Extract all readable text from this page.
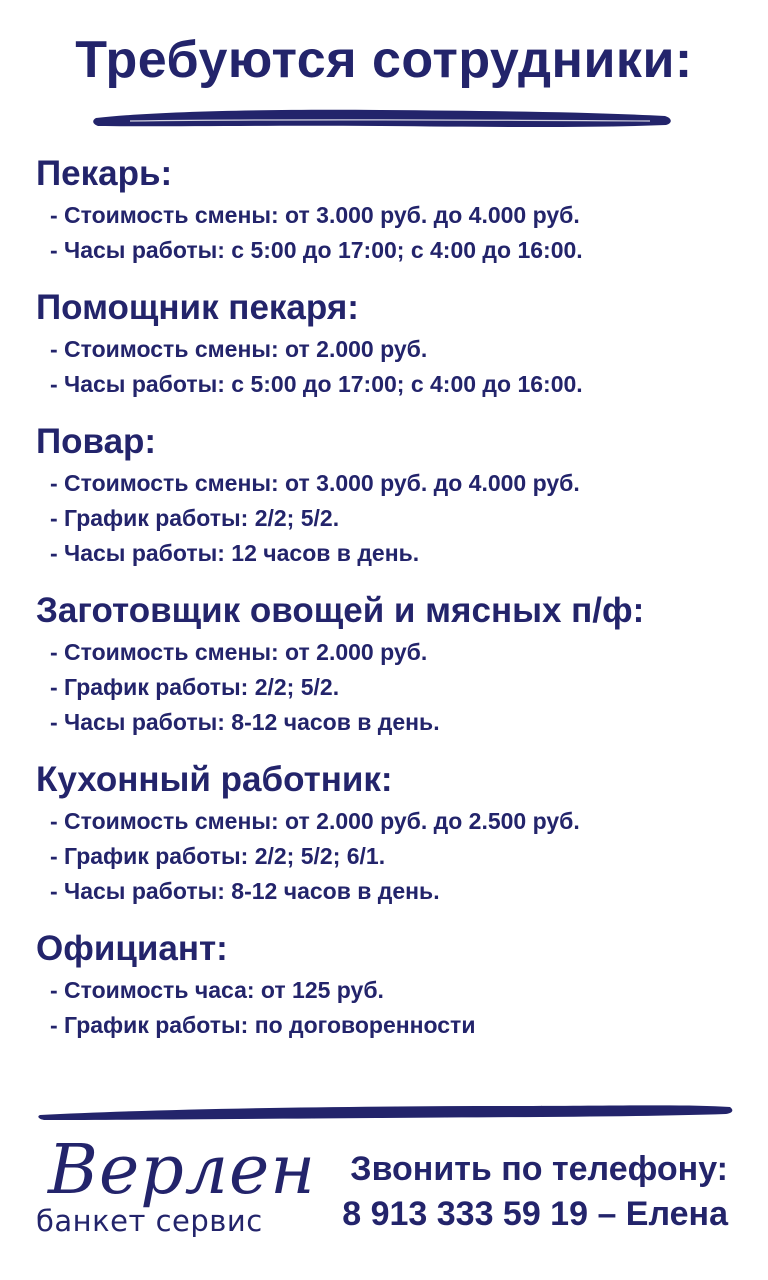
Требуются сотрудники:
Пекарь:
- Стоимость смены: от 3.000 руб. до 4.000 руб.
- Часы работы: с 5:00 до 17:00; с 4:00 до 16:00.
Помощник пекаря:
- Стоимость смены: от 2.000 руб.
- Часы работы: с 5:00 до 17:00; с 4:00 до 16:00.
Повар:
- Стоимость смены: от 3.000 руб. до 4.000 руб.
- График работы: 2/2; 5/2.
- Часы работы: 12 часов в день.
Заготовщик овощей и мясных п/ф:
- Стоимость смены: от 2.000 руб.
- График работы: 2/2; 5/2.
- Часы работы: 8-12 часов в день.
Кухонный работник:
- Стоимость смены: от 2.000 руб. до 2.500 руб.
- График работы: 2/2; 5/2; 6/1.
- Часы работы: 8-12 часов в день.
Официант:
- Стоимость часа: от 125 руб.
- График работы: по договоренности
Верлен
банкет сервис
Звонить по телефону:
8 913 333 59 19 – Елена
